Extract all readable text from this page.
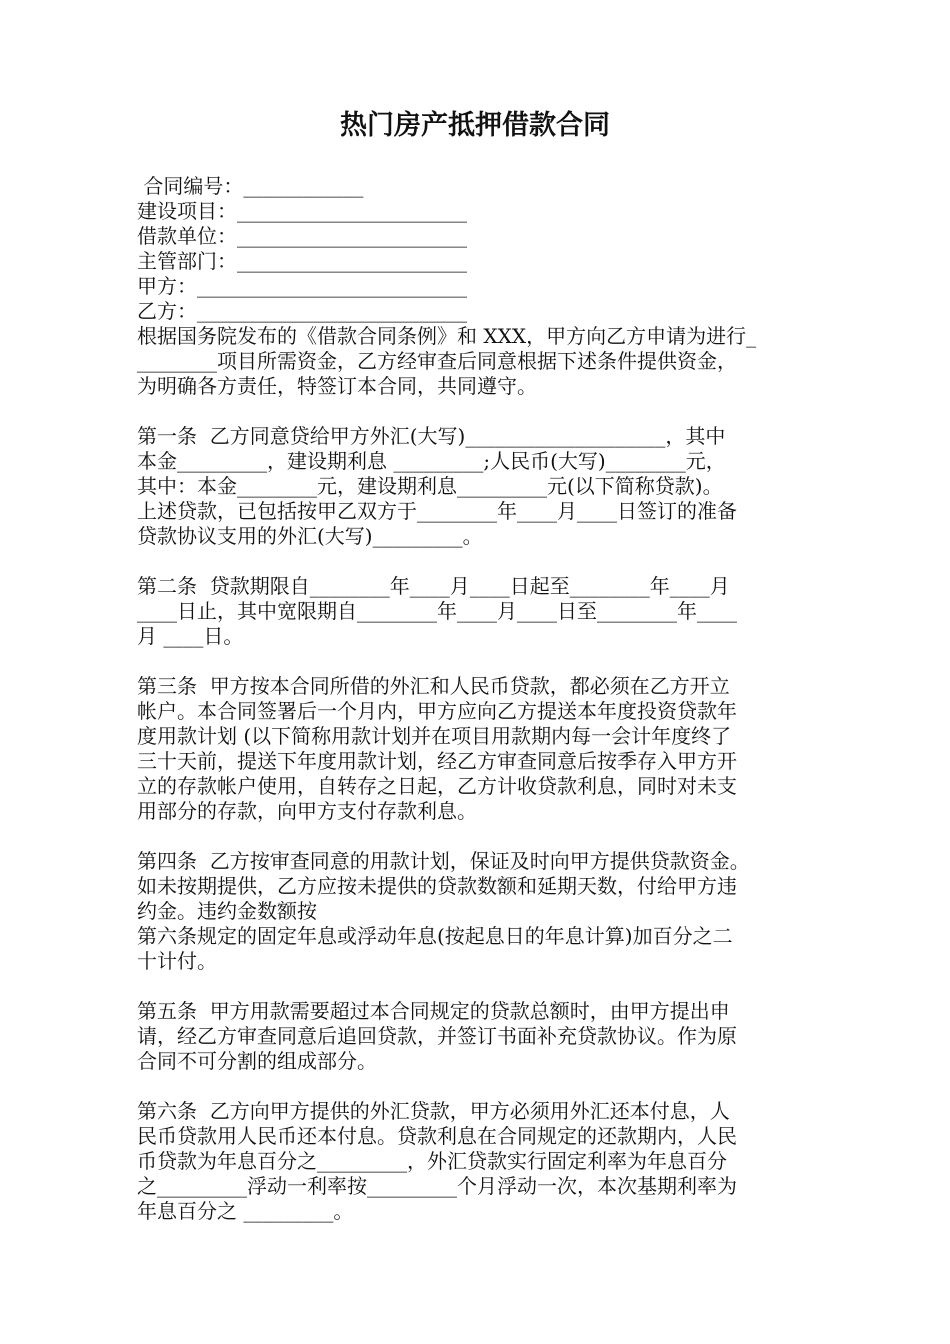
热门房产抵押借款合同
合同编号：____________
建设项目：_______________________
借款单位：_______________________
主管部门：_______________________
甲方：___________________________
乙方：___________________________
根据国务院发布的《借款合同条例》和 XXX，甲方向乙方申请为进行_
________项目所需资金，乙方经审查后同意根据下述条件提供资金，
为明确各方责任，特签订本合同，共同遵守。
第一条  乙方同意贷给甲方外汇(大写)____________________，其中
本金_________，建设期利息 _________;人民币(大写)________元，
其中：本金________元，建设期利息_________元(以下简称贷款)。
上述贷款，已包括按甲乙双方于________年____月____日签订的准备
贷款协议支用的外汇(大写)_________。
第二条  贷款期限自________年____月____日起至________年____月
____日止，其中宽限期自________年____月____日至________年____
月 ____日。
第三条  甲方按本合同所借的外汇和人民币贷款，都必须在乙方开立
帐户。本合同签署后一个月内，甲方应向乙方提送本年度投资贷款年
度用款计划 (以下简称用款计划并在项目用款期内每一会计年度终了
三十天前，提送下年度用款计划，经乙方审查同意后按季存入甲方开
立的存款帐户使用，自转存之日起，乙方计收贷款利息，同时对未支
用部分的存款，向甲方支付存款利息。
第四条  乙方按审查同意的用款计划，保证及时向甲方提供贷款资金。
如未按期提供，乙方应按未提供的贷款数额和延期天数，付给甲方违
约金。违约金数额按
第六条规定的固定年息或浮动年息(按起息日的年息计算)加百分之二
十计付。
第五条  甲方用款需要超过本合同规定的贷款总额时，由甲方提出申
请，经乙方审查同意后追回贷款，并签订书面补充贷款协议。作为原
合同不可分割的组成部分。
第六条  乙方向甲方提供的外汇贷款，甲方必须用外汇还本付息，人
民币贷款用人民币还本付息。贷款利息在合同规定的还款期内，人民
币贷款为年息百分之_________，外汇贷款实行固定利率为年息百分
之_________浮动一利率按_________个月浮动一次，本次基期利率为
年息百分之 _________。
